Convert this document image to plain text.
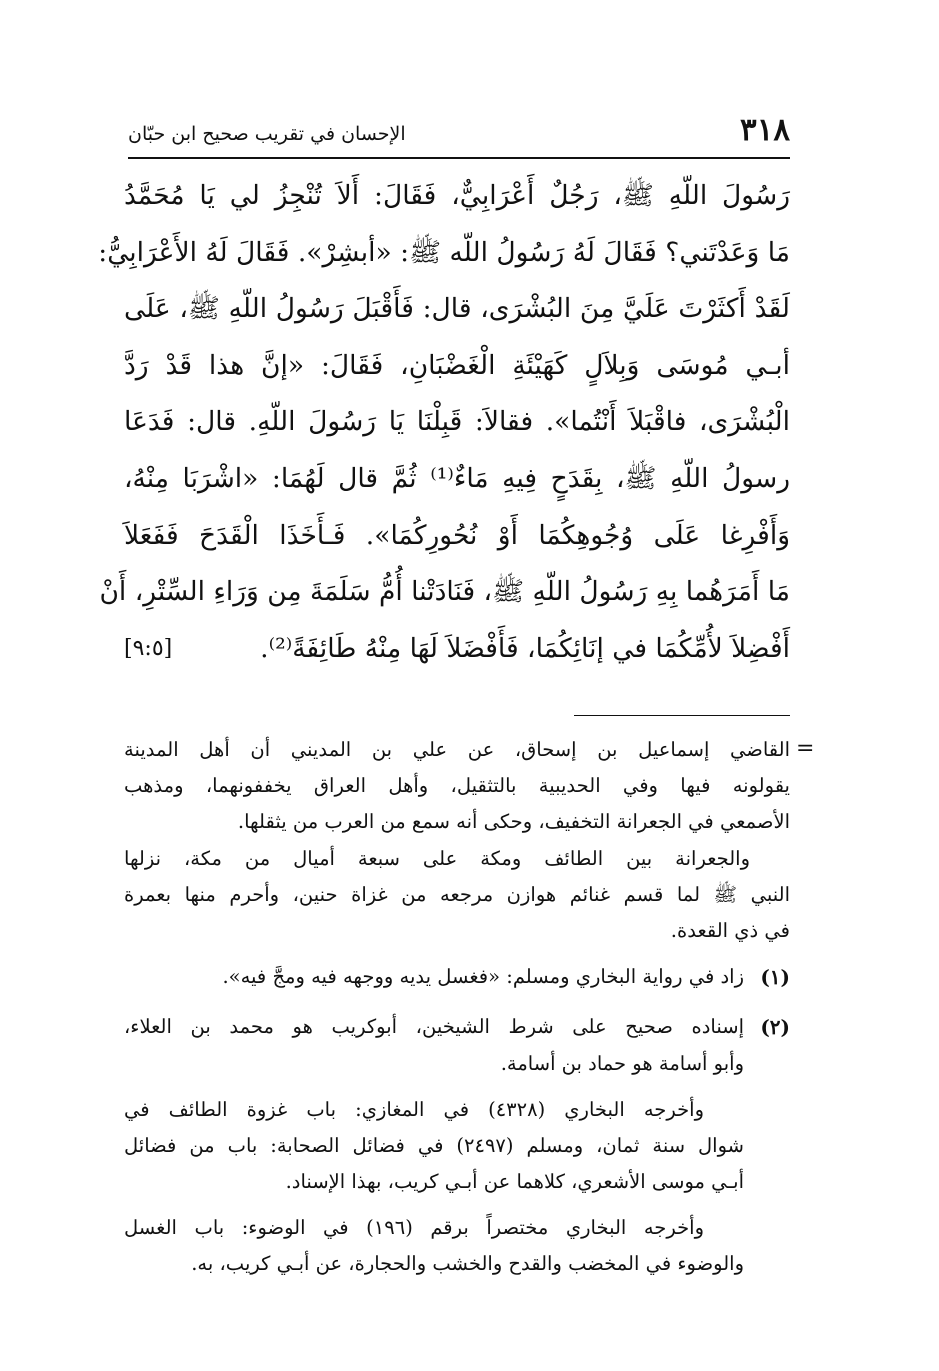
٣١٨
الإحسان في تقريب صحيح ابن حبّان
رَسُولَ اللّهِ ﷺ، رَجُلٌ أَعْرَابِيٌّ، فَقَالَ: أَلاَ تُنْجِزُ لي يَا مُحَمَّدُ
مَا وَعَدْتَني؟ فَقَالَ لَهُ رَسُولُ اللّه ﷺ: «أبشِرْ». فَقَالَ لَهُ الأَعْرَابِيُّ:
لَقَدْ أَكثَرْتَ عَلَيَّ مِنَ البُشْرَى، قال: فَأَقْبَلَ رَسُولُ اللّهِ ﷺ، عَلَى
أبـي مُوسَى وَبِلاَلٍ كَهَيْئَةِ الْغَضْبَانِ، فَقَالَ: «إنَّ هذا قَدْ رَدَّ
الْبُشْرَى، فاقْبَلاَ أَنْتُما». فقالاَ: قَبِلْنَا يَا رَسُولَ اللّهِ. قال: فَدَعَا
رسولُ اللّهِ ﷺ، بِقَدَحٍ فِيهِ مَاءٌ⁽¹⁾ ثُمَّ قال لَهُمَا: «اشْرَبَا مِنْهُ،
وَأَفْرِغا عَلَى وُجُوهِكُمَا أَوْ نُحُورِكُمَا». فَـأَخَذَا الْقَدَحَ فَفَعَلاَ
مَا أَمَرَهُما بِهِ رَسُولُ اللّهِ ﷺ، فَنَادَتْنا أُمُّ سَلَمَةَ مِن وَرَاءِ السِّتْرِ، أَنْ
أَفْضِلاَ لأُمِّكُمَا في إنَائِكُمَا، فَأَفْضَلاَ لَهَا مِنْهُ طَائِفَةً⁽²⁾.
[٩:٥]
=
القاضي إسماعيل بن إسحاق، عن علي بن المديني أن أهل المدينة
يقولونه فيها وفي الحديبية بالتثقيل، وأهل العراق يخففونهما، ومذهب
الأصمعي في الجعرانة التخفيف، وحكى أنه سمع من العرب من يثقلها.
والجعرانة بين الطائف ومكة على سبعة أميال من مكة، نزلها
النبي ﷺ لما قسم غنائم هوازن مرجعه من غزاة حنين، وأحرم منها بعمرة
في ذي القعدة.
(١)
زاد في رواية البخاري ومسلم: «فغسل يديه ووجهه فيه ومجَّ فيه».
(٢)
إسناده صحيح على شرط الشيخين، أبوكريب هو محمد بن العلاء،
وأبو أسامة هو حماد بن أسامة.
وأخرجه البخاري (٤٣٢٨) في المغازي: باب غزوة الطائف في
شوال سنة ثمان، ومسلم (٢٤٩٧) في فضائل الصحابة: باب من فضائل
أبـي موسى الأشعري، كلاهما عن أبـي كريب، بهذا الإسناد.
وأخرجه البخاري مختصراً برقم (١٩٦) في الوضوء: باب الغسل
والوضوء في المخضب والقدح والخشب والحجارة، عن أبـي كريب، به.
